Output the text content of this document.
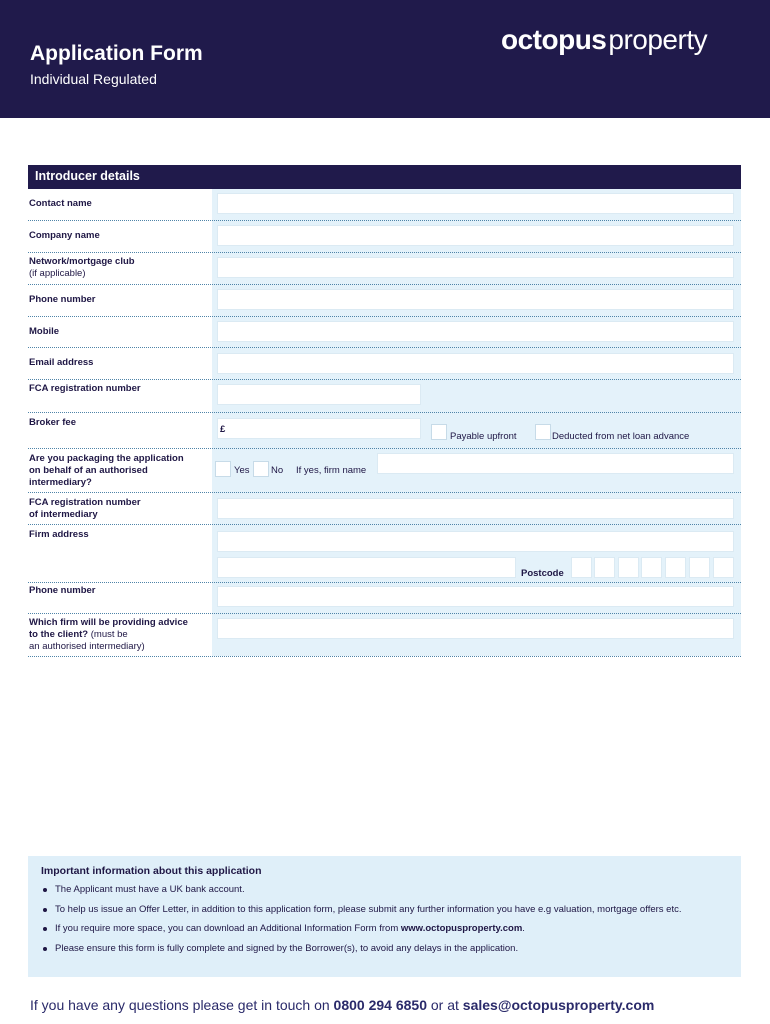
Application Form
Individual Regulated
octopusproperty
Introducer details
Contact name
Company name
Network/mortgage club
(if applicable)
Phone number
Mobile
Email address
FCA registration number
Broker fee
£
Payable upfront	Deducted from net loan advance
Are you packaging the application
on behalf of an authorised
intermediary?
Yes No If yes, firm name
FCA registration number
of intermediary
Firm address
Postcode
Phone number
Which firm will be providing advice
to the client? (must be
an authorised intermediary)
Important information about this application
The Applicant must have a UK bank account.
To help us issue an Offer Letter, in addition to this application form, please submit any further information you have e.g valuation, mortgage offers etc.
If you require more space, you can download an Additional Information Form from www.octopusproperty.com.
Please ensure this form is fully complete and signed by the Borrower(s), to avoid any delays in the application.
If you have any questions please get in touch on 0800 294 6850 or at sales@octopusproperty.com
